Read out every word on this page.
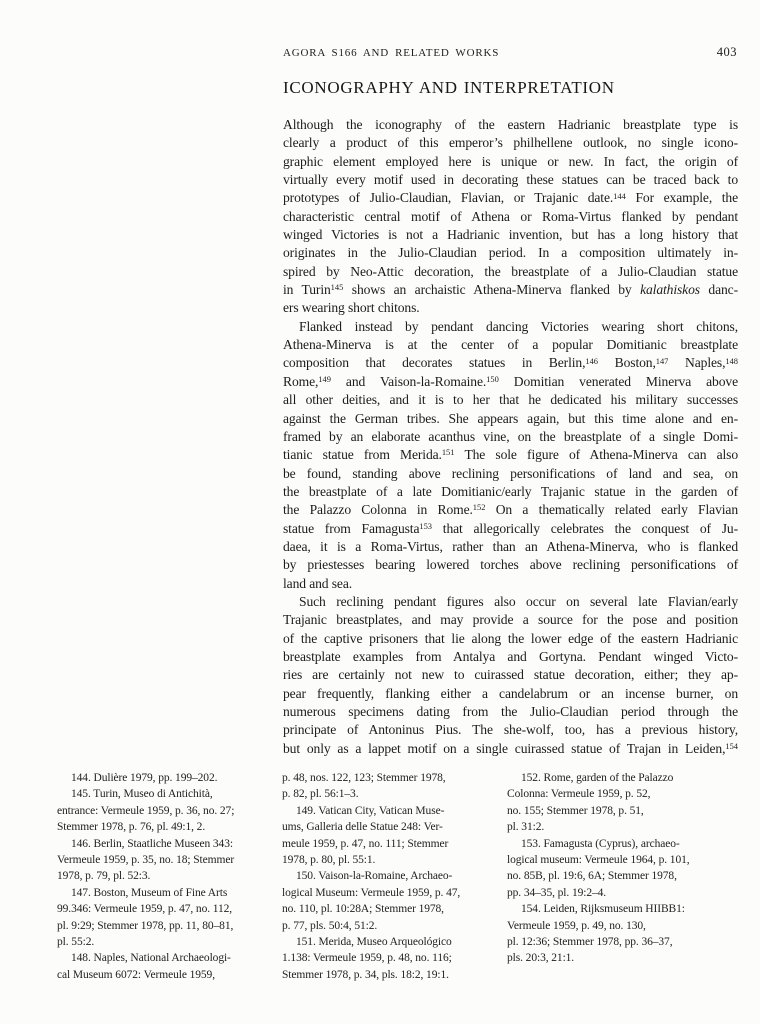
AGORA S166 AND RELATED WORKS	403
ICONOGRAPHY AND INTERPRETATION
Although the iconography of the eastern Hadrianic breastplate type is
clearly a product of this emperor’s philhellene outlook, no single icono-
graphic element employed here is unique or new. In fact, the origin of
virtually every motif used in decorating these statues can be traced back to
prototypes of Julio-Claudian, Flavian, or Trajanic date.$^{144}$ For example, the
characteristic central motif of Athena or Roma-Virtus flanked by pendant
winged Victories is not a Hadrianic invention, but has a long history that
originates in the Julio-Claudian period. In a composition ultimately in-
spired by Neo-Attic decoration, the breastplate of a Julio-Claudian statue
in Turin$^{145}$ shows an archaistic Athena-Minerva flanked by kalathiskos danc-
ers wearing short chitons.
Flanked instead by pendant dancing Victories wearing short chitons,
Athena-Minerva is at the center of a popular Domitianic breastplate
composition that decorates statues in Berlin,$^{146}$ Boston,$^{147}$ Naples,$^{148}$
Rome,$^{149}$ and Vaison-la-Romaine.$^{150}$ Domitian venerated Minerva above
all other deities, and it is to her that he dedicated his military successes
against the German tribes. She appears again, but this time alone and en-
framed by an elaborate acanthus vine, on the breastplate of a single Domi-
tianic statue from Merida.$^{151}$ The sole figure of Athena-Minerva can also
be found, standing above reclining personifications of land and sea, on
the breastplate of a late Domitianic/early Trajanic statue in the garden of
the Palazzo Colonna in Rome.$^{152}$ On a thematically related early Flavian
statue from Famagusta$^{153}$ that allegorically celebrates the conquest of Ju-
daea, it is a Roma-Virtus, rather than an Athena-Minerva, who is flanked
by priestesses bearing lowered torches above reclining personifications of
land and sea.
Such reclining pendant figures also occur on several late Flavian/early
Trajanic breastplates, and may provide a source for the pose and position
of the captive prisoners that lie along the lower edge of the eastern Hadrianic
breastplate examples from Antalya and Gortyna. Pendant winged Victo-
ries are certainly not new to cuirassed statue decoration, either; they ap-
pear frequently, flanking either a candelabrum or an incense burner, on
numerous specimens dating from the Julio-Claudian period through the
principate of Antoninus Pius. The she-wolf, too, has a previous history,
but only as a lappet motif on a single cuirassed statue of Trajan in Leiden,$^{154}$
144. Dulière 1979, pp. 199–202.
145. Turin, Museo di Antichità,
entrance: Vermeule 1959, p. 36, no. 27;
Stemmer 1978, p. 76, pl. 49:1, 2.
146. Berlin, Staatliche Museen 343:
Vermeule 1959, p. 35, no. 18; Stemmer
1978, p. 79, pl. 52:3.
147. Boston, Museum of Fine Arts
99.346: Vermeule 1959, p. 47, no. 112,
pl. 9:29; Stemmer 1978, pp. 11, 80–81,
pl. 55:2.
148. Naples, National Archaeologi-
cal Museum 6072: Vermeule 1959,
p. 48, nos. 122, 123; Stemmer 1978,
p. 82, pl. 56:1–3.
149. Vatican City, Vatican Muse-
ums, Galleria delle Statue 248: Ver-
meule 1959, p. 47, no. 111; Stemmer
1978, p. 80, pl. 55:1.
150. Vaison-la-Romaine, Archaeo-
logical Museum: Vermeule 1959, p. 47,
no. 110, pl. 10:28A; Stemmer 1978,
p. 77, pls. 50:4, 51:2.
151. Merida, Museo Arqueológico
1.138: Vermeule 1959, p. 48, no. 116;
Stemmer 1978, p. 34, pls. 18:2, 19:1.
152. Rome, garden of the Palazzo
Colonna: Vermeule 1959, p. 52,
no. 155; Stemmer 1978, p. 51,
pl. 31:2.
153. Famagusta (Cyprus), archaeo-
logical museum: Vermeule 1964, p. 101,
no. 85B, pl. 19:6, 6A; Stemmer 1978,
pp. 34–35, pl. 19:2–4.
154. Leiden, Rijksmuseum HIIBB1:
Vermeule 1959, p. 49, no. 130,
pl. 12:36; Stemmer 1978, pp. 36–37,
pls. 20:3, 21:1.
